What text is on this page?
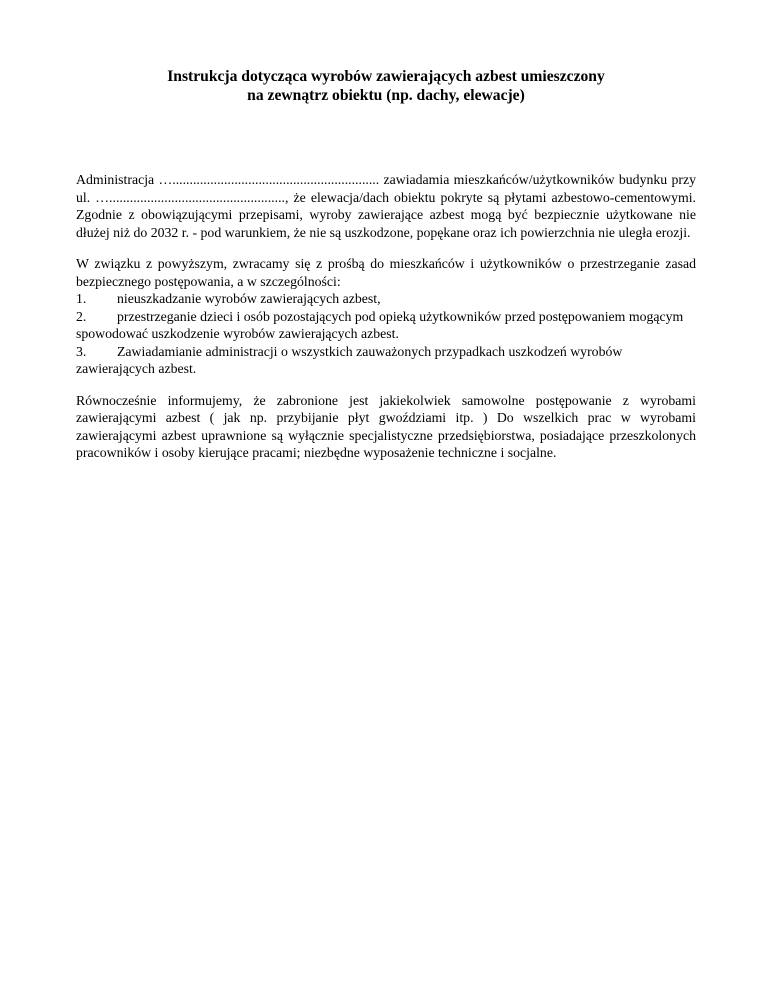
Instrukcja dotycząca wyrobów zawierających azbest umieszczony
na zewnątrz obiektu (np. dachy, elewacje)

Administracja …............................................................ zawiadamia mieszkańców/użytkowników budynku przy ul. …..................................................., że elewacja/dach obiektu pokryte są płytami azbestowo-cementowymi. Zgodnie z obowiązującymi przepisami, wyroby zawierające azbest mogą być bezpiecznie użytkowane nie dłużej niż do 2032 r. - pod warunkiem, że nie są uszkodzone, popękane oraz ich powierzchnia nie uległa erozji.

W związku z powyższym, zwracamy się z prośbą do mieszkańców i użytkowników o przestrzeganie zasad bezpiecznego postępowania, a w szczególności:

1. nieuszkadzanie wyrobów zawierających azbest,

2. przestrzeganie dzieci i osób pozostających pod opieką użytkowników przed postępowaniem mogącym spowodować uszkodzenie wyrobów zawierających azbest.

3. Zawiadamianie administracji o wszystkich zauważonych przypadkach uszkodzeń wyrobów zawierających azbest.

Równocześnie informujemy, że zabronione jest jakiekolwiek samowolne postępowanie z wyrobami zawierającymi azbest ( jak np. przybijanie płyt gwoździami itp. ) Do wszelkich prac w wyrobami zawierającymi azbest uprawnione są wyłącznie specjalistyczne przedsiębiorstwa, posiadające przeszkolonych pracowników i osoby kierujące pracami; niezbędne wyposażenie techniczne i socjalne.
